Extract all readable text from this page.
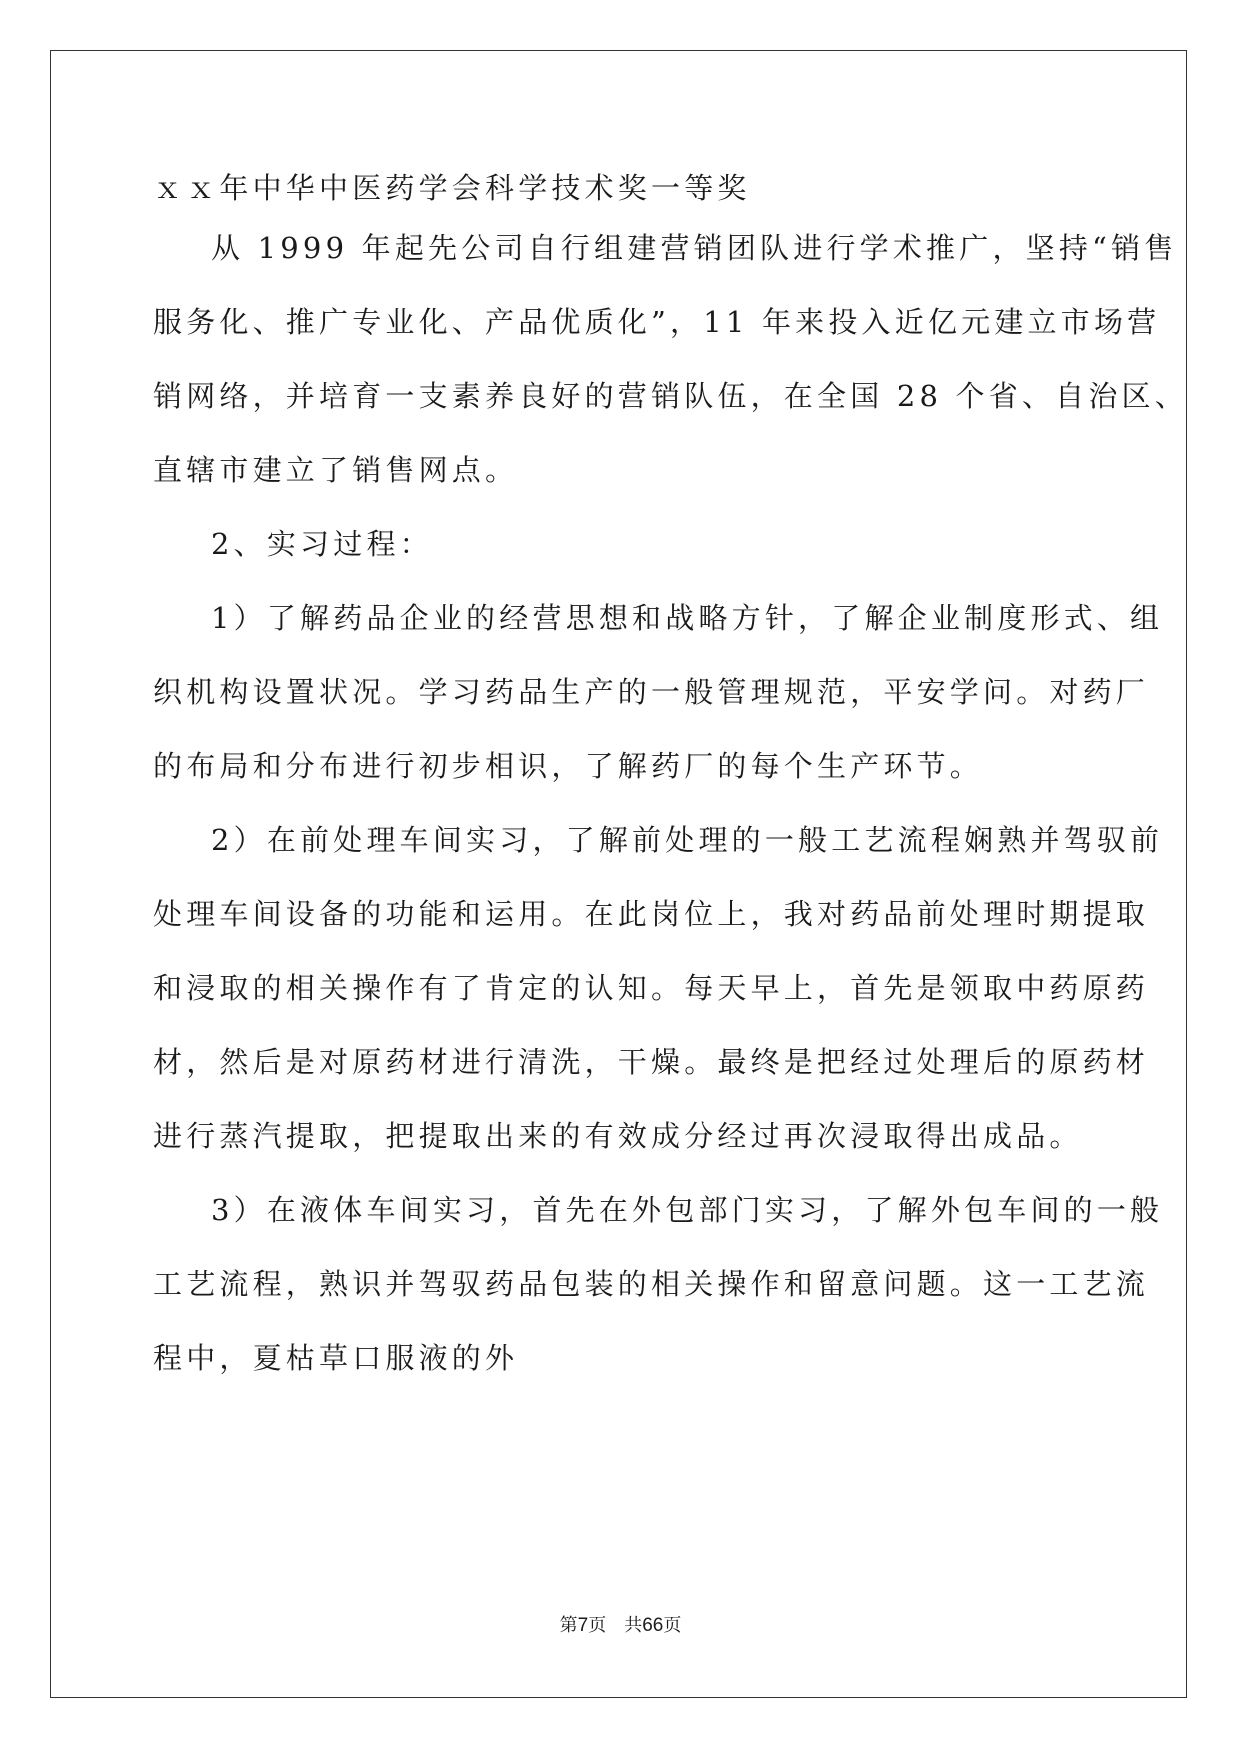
ｘｘ年中华中医药学会科学技术奖一等奖
从 1999 年起先公司自行组建营销团队进行学术推广，坚持“销售
服务化、推广专业化、产品优质化”，11 年来投入近亿元建立市场营
销网络，并培育一支素养良好的营销队伍，在全国 28 个省、自治区、
直辖市建立了销售网点。
2、实习过程：
1）了解药品企业的经营思想和战略方针，了解企业制度形式、组
织机构设置状况。学习药品生产的一般管理规范，平安学问。对药厂
的布局和分布进行初步相识，了解药厂的每个生产环节。
2）在前处理车间实习，了解前处理的一般工艺流程娴熟并驾驭前
处理车间设备的功能和运用。在此岗位上，我对药品前处理时期提取
和浸取的相关操作有了肯定的认知。每天早上，首先是领取中药原药
材，然后是对原药材进行清洗，干燥。最终是把经过处理后的原药材
进行蒸汽提取，把提取出来的有效成分经过再次浸取得出成品。
3）在液体车间实习，首先在外包部门实习，了解外包车间的一般
工艺流程，熟识并驾驭药品包装的相关操作和留意问题。这一工艺流
程中，夏枯草口服液的外
第7页 共66页
